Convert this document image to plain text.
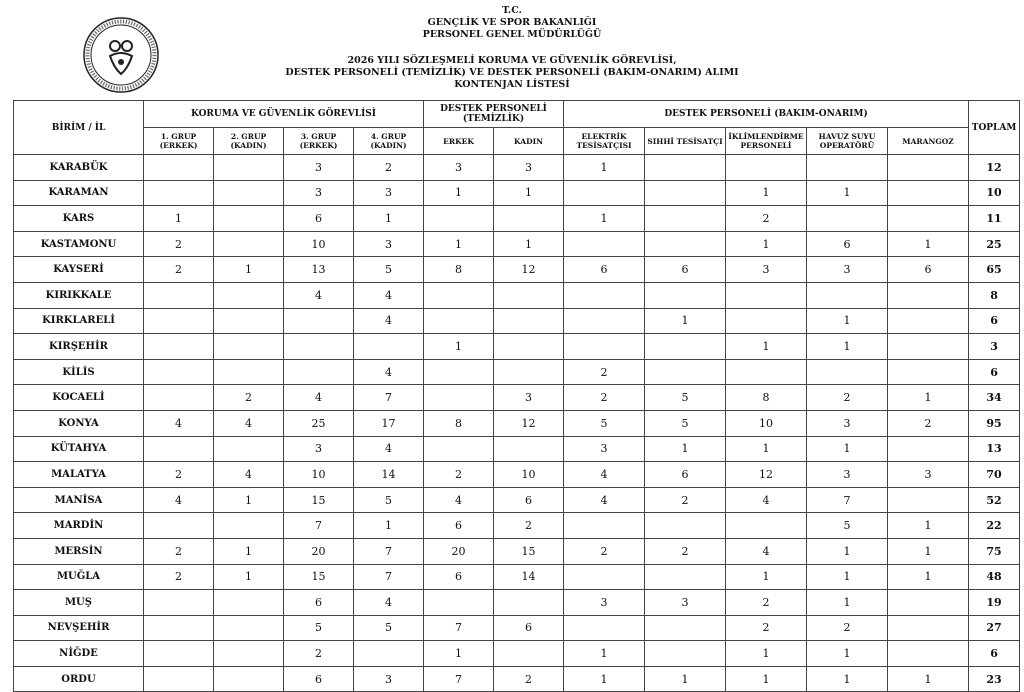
T.C.
GENÇLİK VE SPOR BAKANLIĞI
PERSONEL GENEL MÜDÜRLÜĞÜ
2026 YILI SÖZLEŞMELİ KORUMA VE GÜVENLİK GÖREVLİSİ,
DESTEK PERSONELİ (TEMİZLİK) VE DESTEK PERSONELİ (BAKIM-ONARIM) ALIMI
KONTENJAN LİSTESİ
BİRİM / İL	KORUMA VE GÜVENLİK GÖREVLİSİ				DESTEK PERSONELİ (TEMİZLİK)		DESTEK PERSONELİ (BAKIM-ONARIM)					TOPLAM
	1. GRUP (ERKEK)	2. GRUP (KADIN)	3. GRUP (ERKEK)	4. GRUP (KADIN)	ERKEK	KADIN	ELEKTRİK TESİSATÇISI	SIHHİ TESİSATÇI	İKLİMLENDİRME PERSONELİ	HAVUZ SUYU OPERATÖRÜ	MARANGOZ	
KARABÜK			3	2	3	3	1					12
KARAMAN			3	3	1	1			1	1		10
KARS	1		6	1			1		2			11
KASTAMONU	2		10	3	1	1			1	6	1	25
KAYSERİ	2	1	13	5	8	12	6	6	3	3	6	65
KIRIKKALE			4	4								8
KIRKLARELİ				4				1		1		6
KIRŞEHİR					1				1	1		3
KİLİS				4			2					6
KOCAELİ		2	4	7		3	2	5	8	2	1	34
KONYA	4	4	25	17	8	12	5	5	10	3	2	95
KÜTAHYA			3	4			3	1	1	1		13
MALATYA	2	4	10	14	2	10	4	6	12	3	3	70
MANİSA	4	1	15	5	4	6	4	2	4	7		52
MARDİN			7	1	6	2				5	1	22
MERSİN	2	1	20	7	20	15	2	2	4	1	1	75
MUĞLA	2	1	15	7	6	14			1	1	1	48
MUŞ			6	4			3	3	2	1		19
NEVŞEHİR			5	5	7	6			2	2		27
NİĞDE			2		1		1		1	1		6
ORDU			6	3	7	2	1	1	1	1	1	23
